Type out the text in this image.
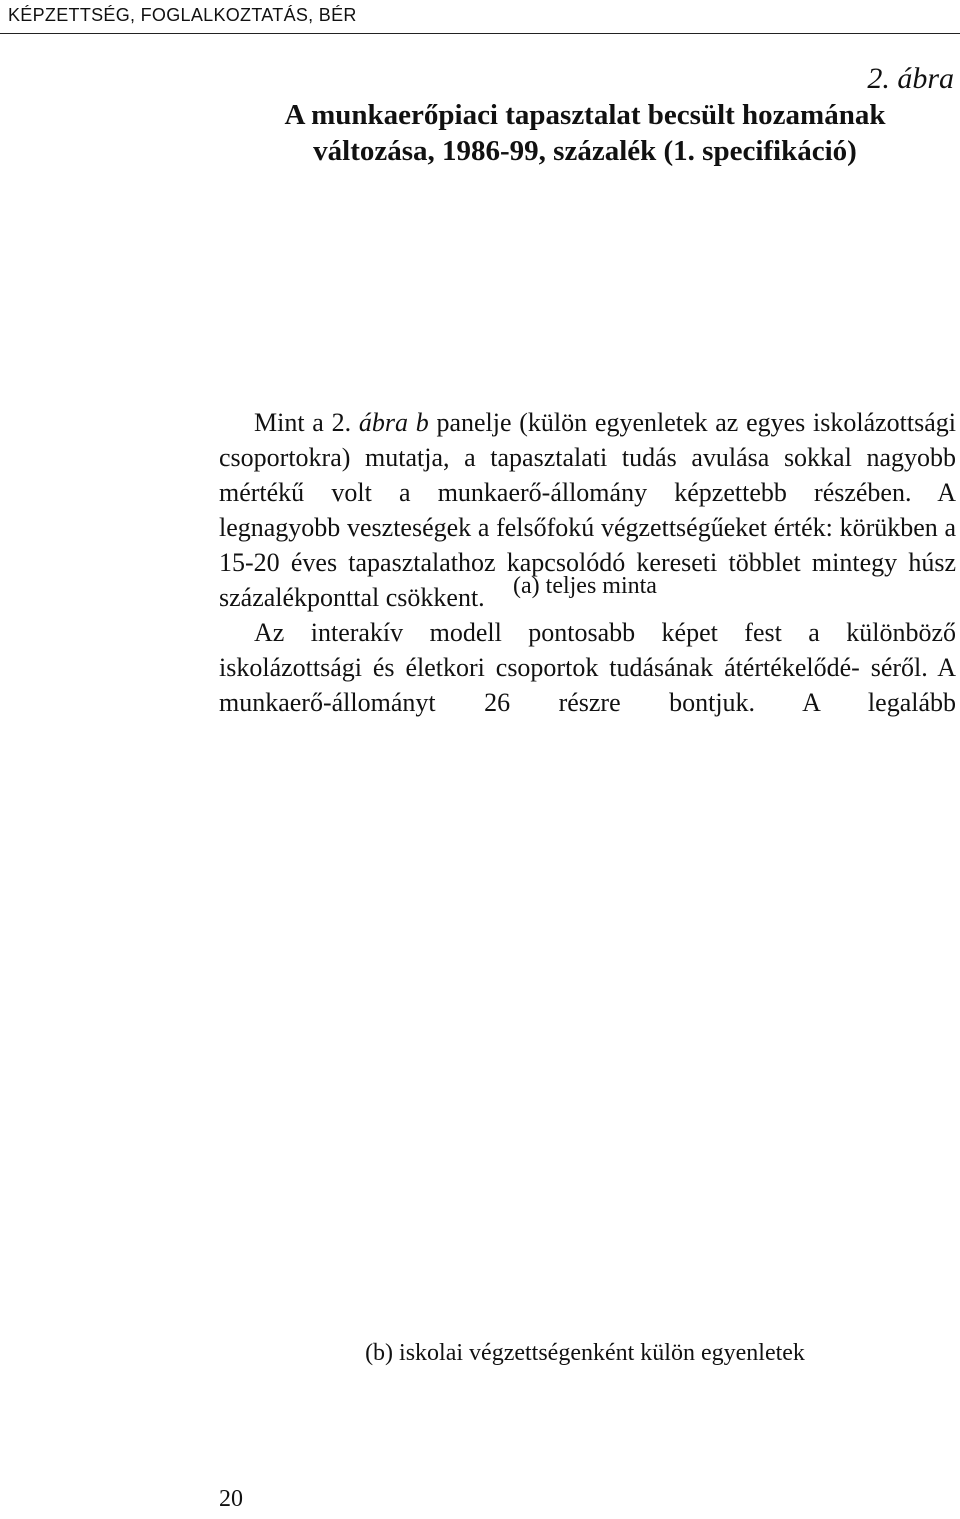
KÉPZETTSÉG, FOGLALKOZTATÁS, BÉR
2. ábra
A munkaerőpiaci tapasztalat becsült hozamának
változása, 1986-99, százalék (1. specifikáció)
(a) teljes minta
(b) iskolai végzettségenként külön egyenletek

Mint a 2. ábra b panelje (külön egyenletek az egyes iskolázottsági csoportokra) mutatja, a tapasztalati tudás avulása sokkal nagyobb mértékű volt a munkaerő-állomány képzettebb részében. A legnagyobb veszteségek a felsőfokú végzettségűeket érték: körükben a 15-20 éves tapasztalathoz kapcsolódó kereseti többlet mintegy húsz százalékponttal csökkent.

Az interakív modell pontosabb képet fest a különböző iskolázottsági és életkori csoportok tudásának átértékelődé- séről. A munkaerő-állományt 26 részre bontjuk. A legalább

20
